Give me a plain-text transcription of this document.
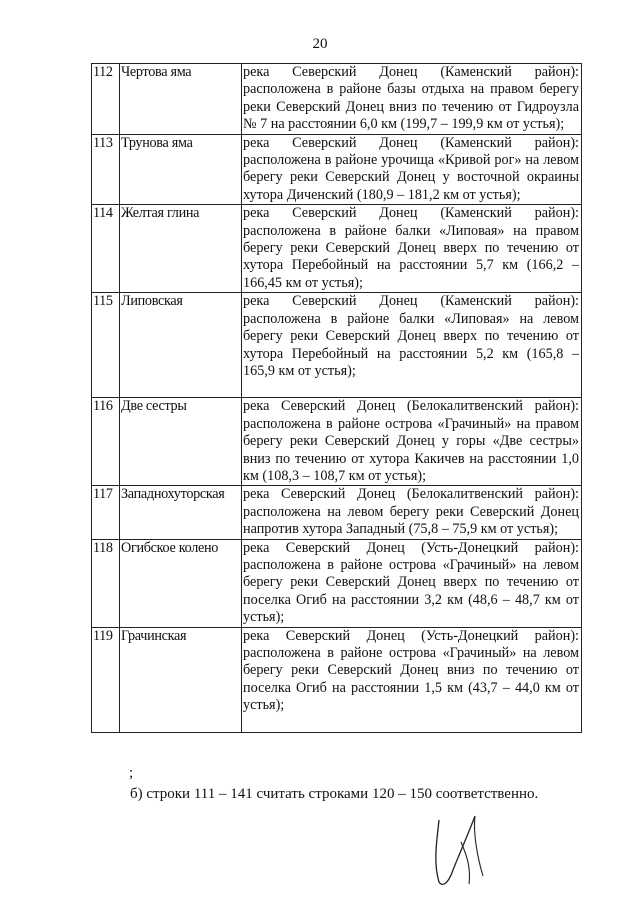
20
112	Чертова яма	река Северский Донец (Каменский район): расположена в районе базы отдыха на правом берегу реки Северский Донец вниз по течению от Гидроузла № 7 на расстоянии 6,0 км (199,7 – 199,9 км от устья);
113	Трунова яма	река Северский Донец (Каменский район): расположена в районе урочища «Кривой рог» на левом берегу реки Северский Донец у восточной окраины хутора Диченский (180,9 – 181,2 км от устья);
114	Желтая глина	река Северский Донец (Каменский район): расположена в районе балки «Липовая» на правом берегу реки Северский Донец вверх по течению от хутора Перебойный на расстоянии 5,7 км (166,2 – 166,45 км от устья);
115	Липовская	река Северский Донец (Каменский район): расположена в районе балки «Липовая» на левом берегу реки Северский Донец вверх по течению от хутора Перебойный на расстоянии 5,2 км (165,8 – 165,9 км от устья);

116	Две сестры	река Северский Донец (Белокалитвенский район): расположена в районе острова «Грачиный» на правом берегу реки Северский Донец у горы «Две сестры» вниз по течению от хутора Какичев на расстоянии 1,0 км (108,3 – 108,7 км от устья);
117	Западнохуторская	река Северский Донец (Белокалитвенский район): расположена на левом берегу реки Северский Донец напротив хутора Западный (75,8 – 75,9 км от устья);
118	Огибское колено	река Северский Донец (Усть-Донецкий район): расположена в районе острова «Грачиный» на левом берегу реки Северский Донец вверх по течению от поселка Огиб на расстоянии 3,2 км (48,6 – 48,7 км от устья);
119	Грачинская	река Северский Донец (Усть-Донецкий район): расположена в районе острова «Грачиный» на левом берегу реки Северский Донец вниз по течению от поселка Огиб на расстоянии 1,5 км (43,7 – 44,0 км от устья);
;
б) строки 111 – 141 считать строками 120 – 150 соответственно.
